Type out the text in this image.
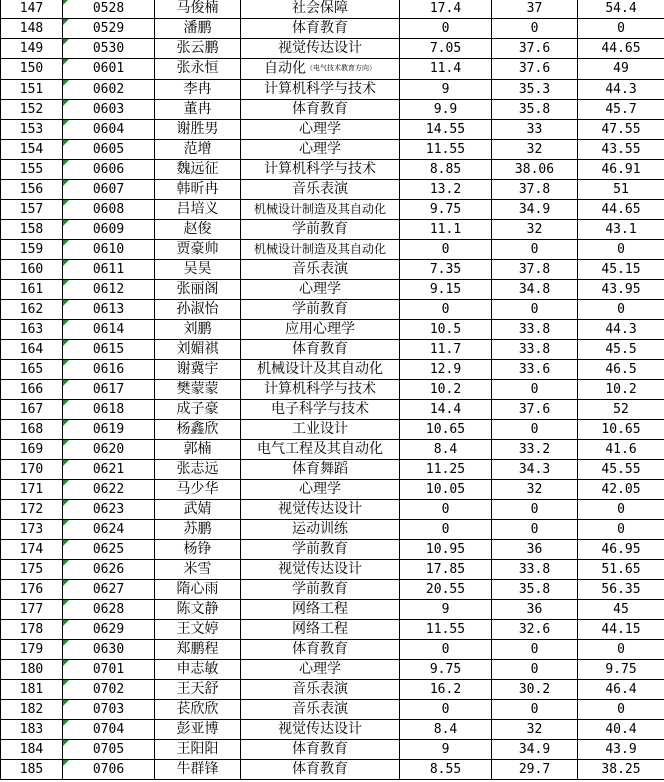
147	0528	马俊楠	社会保障	17.4	37	54.4
148	0529	潘鹏	体育教育	0	0	0
149	0530	张云鹏	视觉传达设计	7.05	37.6	44.65
150	0601	张永恒	自动化（电气技术教育方向）	11.4	37.6	49
151	0602	李冉	计算机科学与技术	9	35.3	44.3
152	0603	董冉	体育教育	9.9	35.8	45.7
153	0604	谢胜男	心理学	14.55	33	47.55
154	0605	范增	心理学	11.55	32	43.55
155	0606	魏远征	计算机科学与技术	8.85	38.06	46.91
156	0607	韩昕冉	音乐表演	13.2	37.8	51
157	0608	吕培义	机械设计制造及其自动化	9.75	34.9	44.65
158	0609	赵俊	学前教育	11.1	32	43.1
159	0610	贾豪帅	机械设计制造及其自动化	0	0	0
160	0611	吴昊	音乐表演	7.35	37.8	45.15
161	0612	张丽阁	心理学	9.15	34.8	43.95
162	0613	孙淑怡	学前教育	0	0	0
163	0614	刘鹏	应用心理学	10.5	33.8	44.3
164	0615	刘媚祺	体育教育	11.7	33.8	45.5
165	0616	谢冀宇	机械设计及其自动化	12.9	33.6	46.5
166	0617	樊蒙蒙	计算机科学与技术	10.2	0	10.2
167	0618	成子豪	电子科学与技术	14.4	37.6	52
168	0619	杨鑫欣	工业设计	10.65	0	10.65
169	0620	郭楠	电气工程及其自动化	8.4	33.2	41.6
170	0621	张志远	体育舞蹈	11.25	34.3	45.55
171	0622	马少华	心理学	10.05	32	42.05
172	0623	武婧	视觉传达设计	0	0	0
173	0624	苏鹏	运动训练	0	0	0
174	0625	杨铮	学前教育	10.95	36	46.95
175	0626	米雪	视觉传达设计	17.85	33.8	51.65
176	0627	隋心雨	学前教育	20.55	35.8	56.35
177	0628	陈文静	网络工程	9	36	45
178	0629	王文婷	网络工程	11.55	32.6	44.15
179	0630	郑鹏程	体育教育	0	0	0
180	0701	申志敏	心理学	9.75	0	9.75
181	0702	王天舒	音乐表演	16.2	30.2	46.4
182	0703	苌欣欣	音乐表演	0	0	0
183	0704	彭亚博	视觉传达设计	8.4	32	40.4
184	0705	王阳阳	体育教育	9	34.9	43.9
185	0706	牛群锋	体育教育	8.55	29.7	38.25
